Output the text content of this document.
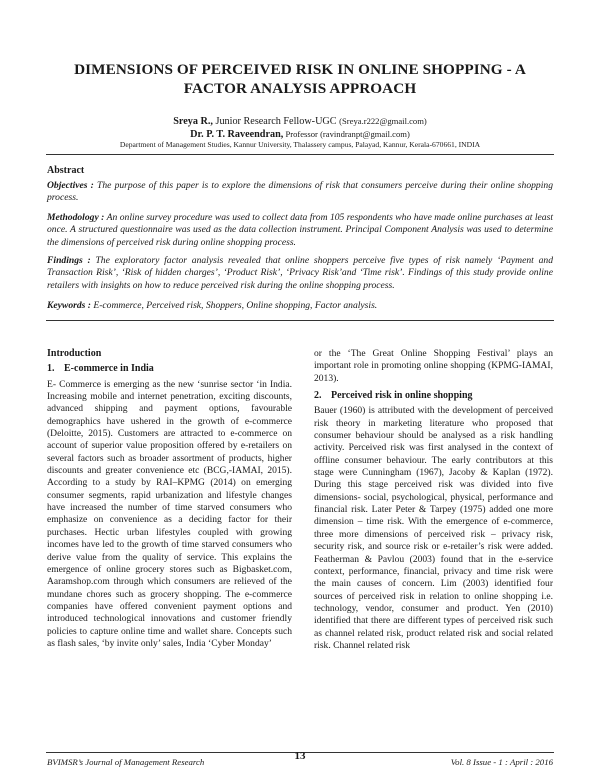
DIMENSIONS OF PERCEIVED RISK IN ONLINE SHOPPING - A FACTOR ANALYSIS APPROACH
Sreya R., Junior Research Fellow-UGC (Sreya.r222@gmail.com)
Dr. P. T. Raveendran, Professor (ravindranpt@gmail.com)
Department of Management Studies, Kannur University, Thalassery campus, Palayad, Kannur, Kerala-670661, INDIA
Abstract
Objectives : The purpose of this paper is to explore the dimensions of risk that consumers perceive during their online shopping process.
Methodology : An online survey procedure was used to collect data from 105 respondents who have made online purchases at least once. A structured questionnaire was used as the data collection instrument. Principal Component Analysis was used to determine the dimensions of perceived risk during online shopping process.
Findings : The exploratory factor analysis revealed that online shoppers perceive five types of risk namely ‘Payment and Transaction Risk’, ‘Risk of hidden charges’, ‘Product Risk’, ‘Privacy Risk’and ‘Time risk’. Findings of this study provide online retailers with insights on how to reduce perceived risk during the online shopping process.
Keywords : E-commerce, Perceived risk, Shoppers, Online shopping, Factor analysis.
Introduction
1. E-commerce in India

E- Commerce is emerging as the new ‘sunrise sector ‘in India. Increasing mobile and internet penetration, exciting discounts, advanced shipping and payment options, favourable demographics have ushered in the growth of e-commerce (Deloitte, 2015). Customers are attracted to e-commerce on account of superior value proposition offered by e-retailers on several factors such as broader assortment of products, higher discounts and greater convenience etc (BCG,-IAMAI, 2015). According to a study by RAI–KPMG (2014) on emerging consumer segments, rapid urbanization and lifestyle changes have increased the number of time starved consumers who emphasize on convenience as a deciding factor for their purchases. Hectic urban lifestyles coupled with growing incomes have led to the growth of time starved consumers who derive value from the quality of service. This explains the emergence of online grocery stores such as Bigbasket.com, Aaramshop.com through which consumers are relieved of the mundane chores such as grocery shopping. The e-commerce companies have offered convenient payment options and introduced technological innovations and customer friendly policies to capture online time and wallet share. Concepts such as flash sales, ‘by invite only’ sales, India ‘Cyber Monday’

or the ‘The Great Online Shopping Festival’ plays an important role in promoting online shopping (KPMG-IAMAI, 2013).

2. Perceived risk in online shopping

Bauer (1960) is attributed with the development of perceived risk theory in marketing literature who proposed that consumer behaviour should be analysed as a risk handling activity. Perceived risk was first analysed in the context of offline consumer behaviour. The early contributors at this stage were Cunningham (1967), Jacoby & Kaplan (1972). During this stage perceived risk was divided into five dimensions- social, psychological, physical, performance and financial risk. Later Peter & Tarpey (1975) added one more dimension – time risk. With the emergence of e-commerce, three more dimensions of perceived risk – privacy risk, security risk, and source risk or e-retailer’s risk were added. Featherman & Pavlou (2003) found that in the e-service context, performance, financial, privacy and time risk were the main causes of concern. Lim (2003) identified four sources of perceived risk in relation to online shopping i.e. technology, vendor, consumer and product. Yen (2010) identified that there are different types of perceived risk such as channel related risk, product related risk and social related risk. Channel related risk

BVIMSR’s Journal of Management Research	13	Vol. 8 Issue - 1 : April : 2016
